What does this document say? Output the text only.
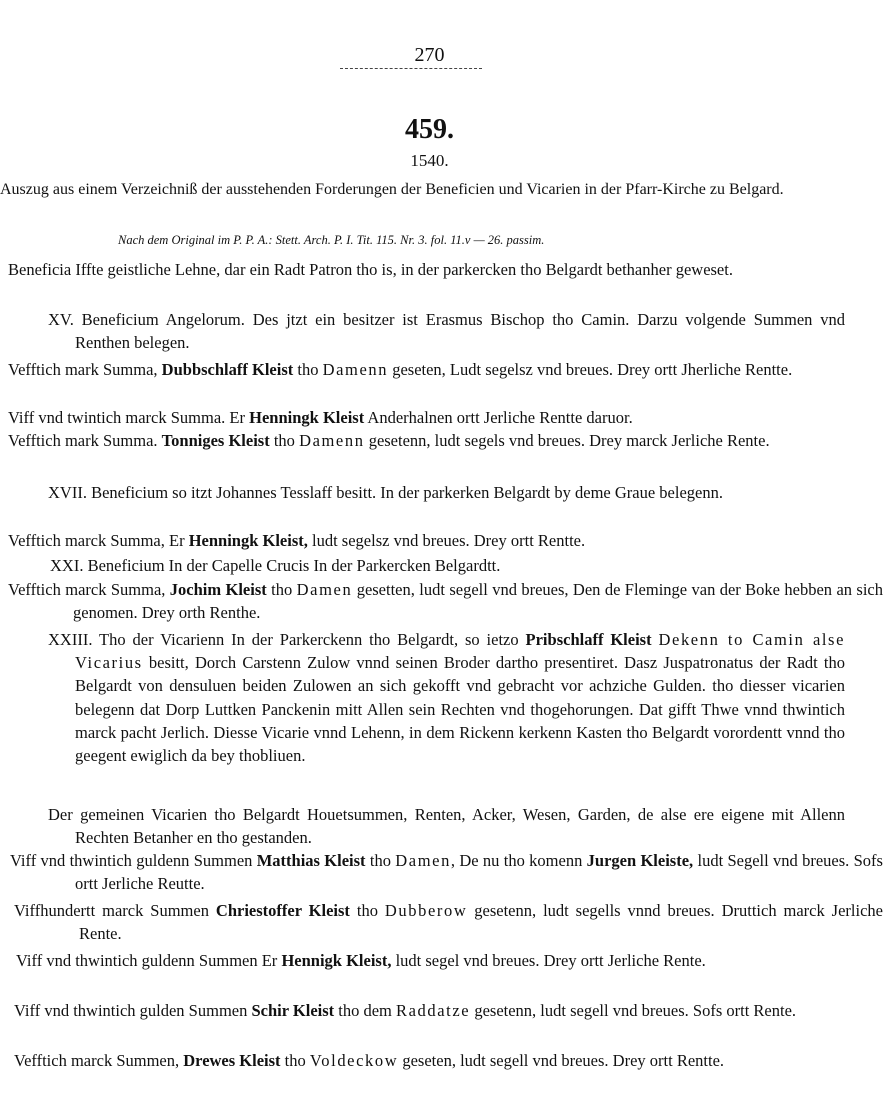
270
459.
1540.
Auszug aus einem Verzeichniß der ausstehenden Forderungen der Beneficien und Vicarien in der Pfarr-Kirche zu Belgard.
Nach dem Original im P. P. A.: Stett. Arch. P. I. Tit. 115. Nr. 3. fol. 11.v — 26. passim.
Beneficia Iffte geistliche Lehne, dar ein Radt Patron tho is, in der parkercken tho Belgardt bethanher geweset.
XV. Beneficium Angelorum. Des jtzt ein besitzer ist Erasmus Bischop tho Camin. Darzu volgende Summen vnd Renthen belegen.
Vefftich mark Summa, Dubbschlaff Kleist tho Damenn geseten, Ludt segelsz vnd breues. Drey ortt Jherliche Rentte.
Viff vnd twintich marck Summa. Er Henningk Kleist Anderhalnen ortt Jerliche Rentte daruor.
Vefftich mark Summa. Tonniges Kleist tho Damenn gesetenn, ludt segels vnd breues. Drey marck Jerliche Rente.
XVII. Beneficium so itzt Johannes Tesslaff besitt. In der parkerken Belgardt by deme Graue belegenn.
Vefftich marck Summa, Er Henningk Kleist, ludt segelsz vnd breues. Drey ortt Rentte.
XXI. Beneficium In der Capelle Crucis In der Parkercken Belgardtt.
Vefftich marck Summa, Jochim Kleist tho Damen gesetten, ludt segell vnd breues, Den de Fleminge van der Boke hebben an sich genomen. Drey orth Renthe.
XXIII. Tho der Vicarienn In der Parkerckenn tho Belgardt, so ietzo Pribschlaff Kleist Dekenn to Camin alse Vicarius besitt, Dorch Carstenn Zulow vnnd seinen Broder dartho presentiret. Dasz Juspatronatus der Radt tho Belgardt von densuluen beiden Zulowen an sich gekofft vnd gebracht vor achziche Gulden. tho diesser vicarien belegenn dat Dorp Luttken Panckenin mitt Allen sein Rechten vnd thogehorungen. Dat gifft Thwe vnnd thwintich marck pacht Jerlich. Diesse Vicarie vnnd Lehenn, in dem Rickenn kerkenn Kasten tho Belgardt vorordentt vnnd tho geegent ewiglich da bey thobliuen.
Der gemeinen Vicarien tho Belgardt Houetsummen, Renten, Acker, Wesen, Garden, de alse ere eigene mit Allenn Rechten Betanher en tho gestanden.
Viff vnd thwintich guldenn Summen Matthias Kleist tho Damen, De nu tho komenn Jurgen Kleiste, ludt Segell vnd breues. Sofs ortt Jerliche Reutte.
Viffhundertt marck Summen Chriestoffer Kleist tho Dubberow gesetenn, ludt segells vnnd breues. Druttich marck Jerliche Rente.
Viff vnd thwintich guldenn Summen Er Hennigk Kleist, ludt segel vnd breues. Drey ortt Jerliche Rente.
Viff vnd thwintich gulden Summen Schir Kleist tho dem Raddatze gesetenn, ludt segell vnd breues. Sofs ortt Rente.
Vefftich marck Summen, Drewes Kleist tho Voldeckow geseten, ludt segell vnd breues. Drey ortt Rentte.
